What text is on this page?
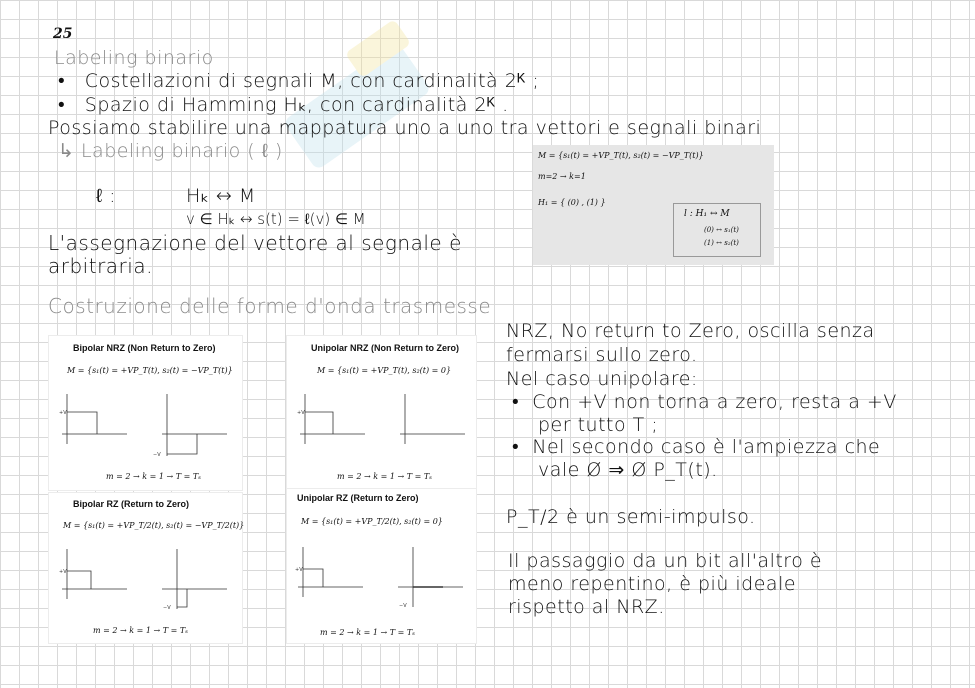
25
Labeling binario
•   Costellazioni di segnali M, con cardinalità 2ᴷ ;
•   Spazio di Hamming Hₖ, con cardinalità 2ᴷ .
Possiamo stabilire una mappatura uno a uno tra vettori e segnali binari
↳ Labeling binario ( ℓ )
ℓ :	Hₖ ↔ M
v ∈ Hₖ ↔ s(t) = ℓ(v) ∈ M
L'assegnazione del vettore al segnale è
arbitraria.
M = {s₁(t) = +VP_T(t), s₂(t) = −VP_T(t)}
m=2 → k=1
H₁ = { (0) , (1) }
l : H₁ ↔ M
(0) ↔ s₁(t)
(1) ↔ s₂(t)
Costruzione delle forme d'onda trasmesse
Bipolar NRZ (Non Return to Zero)
M = {s₁(t) = +VP_T(t), s₂(t) = −VP_T(t)}
+V
−V
m = 2 → k = 1 → T = Tₛ
Unipolar NRZ (Non Return to Zero)
M = {s₁(t) = +VP_T(t), s₂(t) = 0}
+V
m = 2 → k = 1 → T = Tₛ
Bipolar RZ (Return to Zero)
M = {s₁(t) = +VP_T/2(t), s₂(t) = −VP_T/2(t)}
+V
−V
m = 2 → k = 1 → T = Tₛ
Unipolar RZ (Return to Zero)
M = {s₁(t) = +VP_T/2(t), s₂(t) = 0}
+V
−V
m = 2 → k = 1 → T = Tₛ
NRZ, No return to Zero, oscilla senza
fermarsi sullo zero.
Nel caso unipolare:
•  Con +V non torna a zero, resta a +V
per tutto T ;
•  Nel secondo caso è l'ampiezza che
vale Ø ⇒ Ø P_T(t).
P_T/2 è un semi-impulso.
Il passaggio da un bit all'altro è
meno repentino, è più ideale
rispetto al NRZ.
